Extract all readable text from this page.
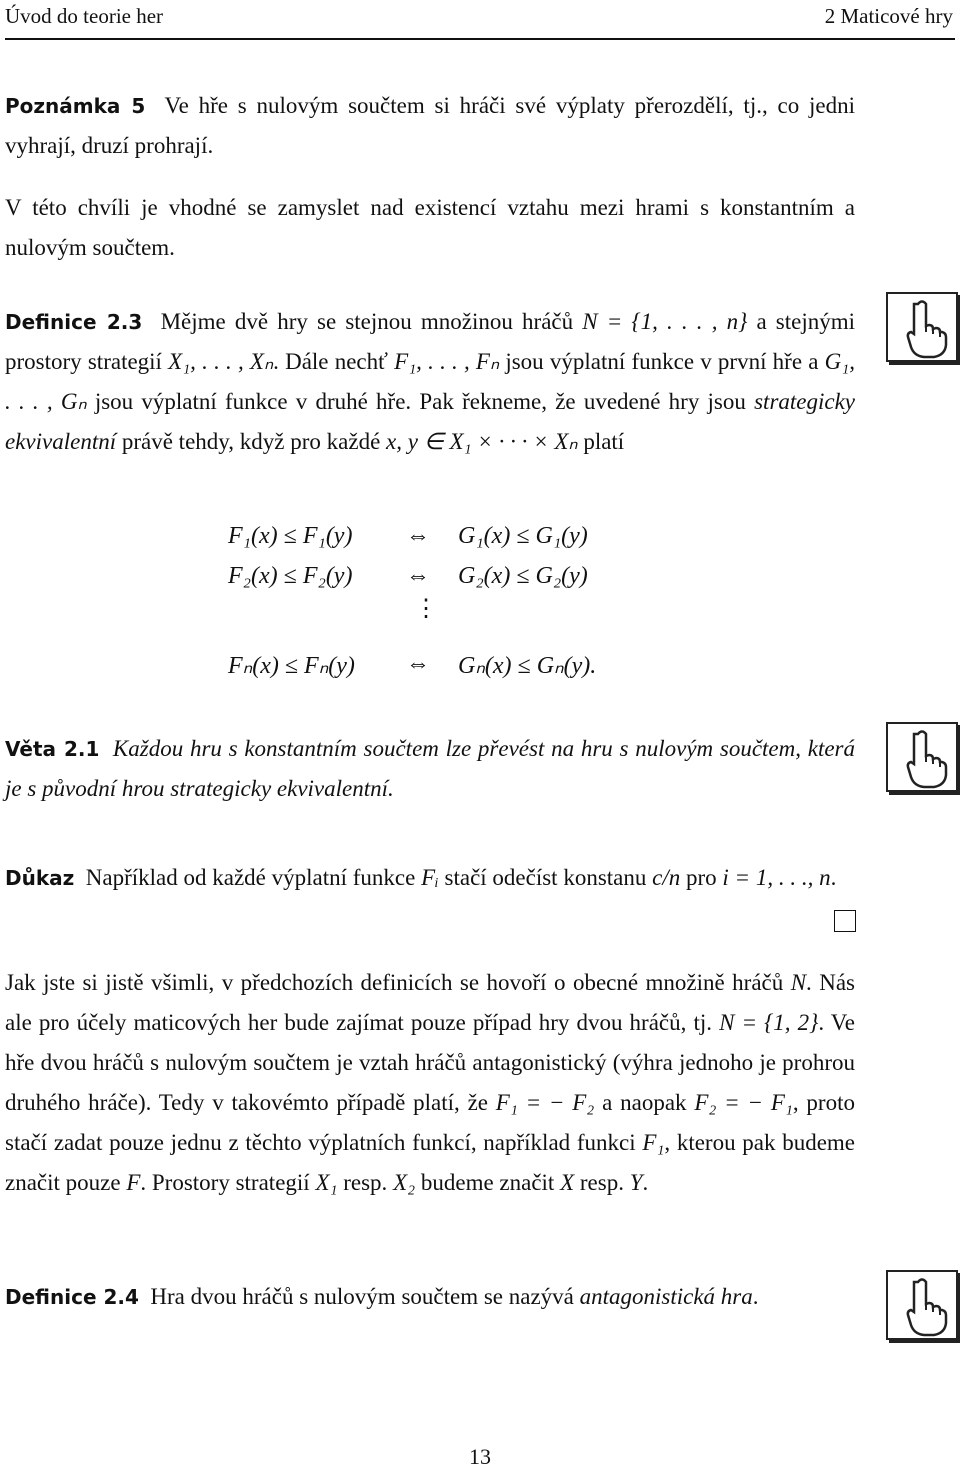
Úvod do teorie her	2 Maticové hry
Poznámka 5 Ve hře s nulovým součtem si hráči své výplaty přerozdělí, tj., co jedni vyhrají, druzí prohrají.
V této chvíli je vhodné se zamyslet nad existencí vztahu mezi hrami s konstantním a nulovým součtem.
Definice 2.3 Mějme dvě hry se stejnou množinou hráčů N = {1, . . . , n} a stejnými prostory strategií X₁, . . . , Xₙ. Dále nechť F₁, . . . , Fₙ jsou výplatní funkce v první hře a G₁, . . . , Gₙ jsou výplatní funkce v druhé hře. Pak řekneme, že uvedené hry jsou strategicky ekvivalentní právě tehdy, když pro každé x, y ∈ X₁ × · · · × Xₙ platí
F₁(x) ≤ F₁(y) ⇔ G₁(x) ≤ G₁(y)
F₂(x) ≤ F₂(y) ⇔ G₂(x) ≤ G₂(y)
⋮
Fₙ(x) ≤ Fₙ(y) ⇔ Gₙ(x) ≤ Gₙ(y).
Věta 2.1 Každou hru s konstantním součtem lze převést na hru s nulovým součtem, která je s původní hrou strategicky ekvivalentní.
Důkaz Například od každé výplatní funkce Fᵢ stačí odečíst konstanu c/n pro i = 1, . . ., n.
Jak jste si jistě všimli, v předchozích definicích se hovoří o obecné množině hráčů N. Nás ale pro účely maticových her bude zajímat pouze případ hry dvou hráčů, tj. N = {1, 2}. Ve hře dvou hráčů s nulovým součtem je vztah hráčů antagonistický (výhra jednoho je prohrou druhého hráče). Tedy v takovémto případě platí, že F₁ = − F₂ a naopak F₂ = − F₁, proto stačí zadat pouze jednu z těchto výplatních funkcí, například funkci F₁, kterou pak budeme značit pouze F. Prostory strategií X₁ resp. X₂ budeme značit X resp. Y.
Definice 2.4 Hra dvou hráčů s nulovým součtem se nazývá antagonistická hra.
13
